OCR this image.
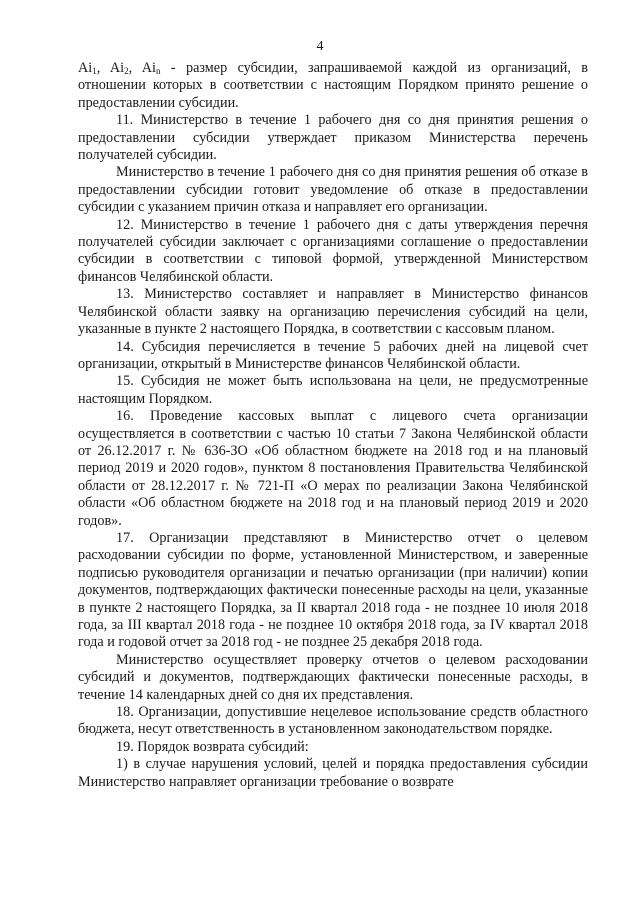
4

$Ai_1$, $Ai_2$, $Ai_n$ - размер субсидии, запрашиваемой каждой из организаций, в отношении которых в соответствии с настоящим Порядком принято решение о предоставлении субсидии.

11. Министерство в течение 1 рабочего дня со дня принятия решения о предоставлении субсидии утверждает приказом Министерства перечень получателей субсидии.

Министерство в течение 1 рабочего дня со дня принятия решения об отказе в предоставлении субсидии готовит уведомление об отказе в предоставлении субсидии с указанием причин отказа и направляет его организации.

12. Министерство в течение 1 рабочего дня с даты утверждения перечня получателей субсидии заключает с организациями соглашение о предоставлении субсидии в соответствии с типовой формой, утвержденной Министерством финансов Челябинской области.

13. Министерство составляет и направляет в Министерство финансов Челябинской области заявку на организацию перечисления субсидий на цели, указанные в пункте 2 настоящего Порядка, в соответствии с кассовым планом.

14. Субсидия перечисляется в течение 5 рабочих дней на лицевой счет организации, открытый в Министерстве финансов Челябинской области.

15. Субсидия не может быть использована на цели, не предусмотренные настоящим Порядком.

16. Проведение кассовых выплат с лицевого счета организации осуществляется в соответствии с частью 10 статьи 7 Закона Челябинской области от 26.12.2017 г. № 636-ЗО «Об областном бюджете на 2018 год и на плановый период 2019 и 2020 годов», пунктом 8 постановления Правительства Челябинской области от 28.12.2017 г. № 721-П «О мерах по реализации Закона Челябинской области «Об областном бюджете на 2018 год и на плановый период 2019 и 2020 годов».

17. Организации представляют в Министерство отчет о целевом расходовании субсидии по форме, установленной Министерством, и заверенные подписью руководителя организации и печатью организации (при наличии) копии документов, подтверждающих фактически понесенные расходы на цели, указанные в пункте 2 настоящего Порядка, за II квартал 2018 года - не позднее 10 июля 2018 года, за III квартал 2018 года - не позднее 10 октября 2018 года, за IV квартал 2018 года и годовой отчет за 2018 год - не позднее 25 декабря 2018 года.

Министерство осуществляет проверку отчетов о целевом расходовании субсидий и документов, подтверждающих фактически понесенные расходы, в течение 14 календарных дней со дня их представления.

18. Организации, допустившие нецелевое использование средств областного бюджета, несут ответственность в установленном законодательством порядке.

19. Порядок возврата субсидий:

1) в случае нарушения условий, целей и порядка предоставления субсидии Министерство направляет организации требование о возврате
